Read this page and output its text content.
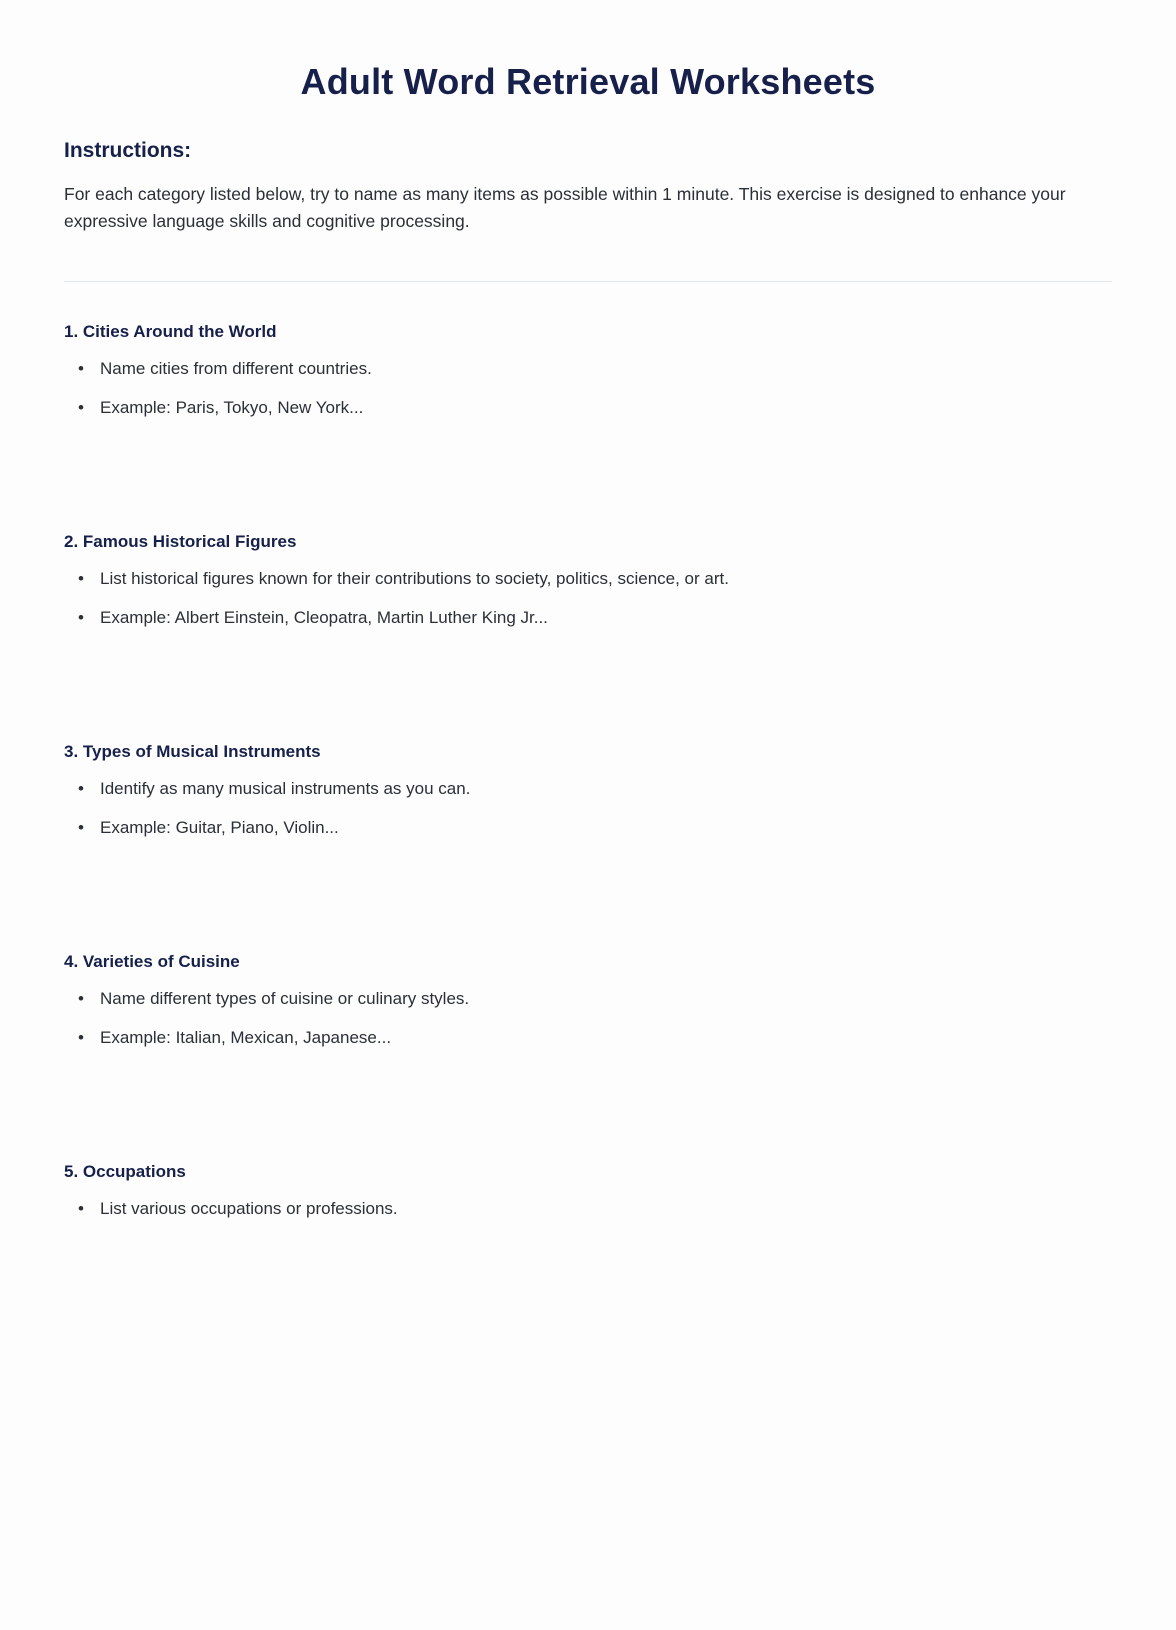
Adult Word Retrieval Worksheets
Instructions:

For each category listed below, try to name as many items as possible within 1 minute. This exercise is designed to enhance your expressive language skills and cognitive processing.

1. Cities Around the World
• Name cities from different countries.
• Example: Paris, Tokyo, New York...
2. Famous Historical Figures
• List historical figures known for their contributions to society, politics, science, or art.
• Example: Albert Einstein, Cleopatra, Martin Luther King Jr...
3. Types of Musical Instruments
• Identify as many musical instruments as you can.
• Example: Guitar, Piano, Violin...
4. Varieties of Cuisine
• Name different types of cuisine or culinary styles.
• Example: Italian, Mexican, Japanese...
5. Occupations
• List various occupations or professions.
